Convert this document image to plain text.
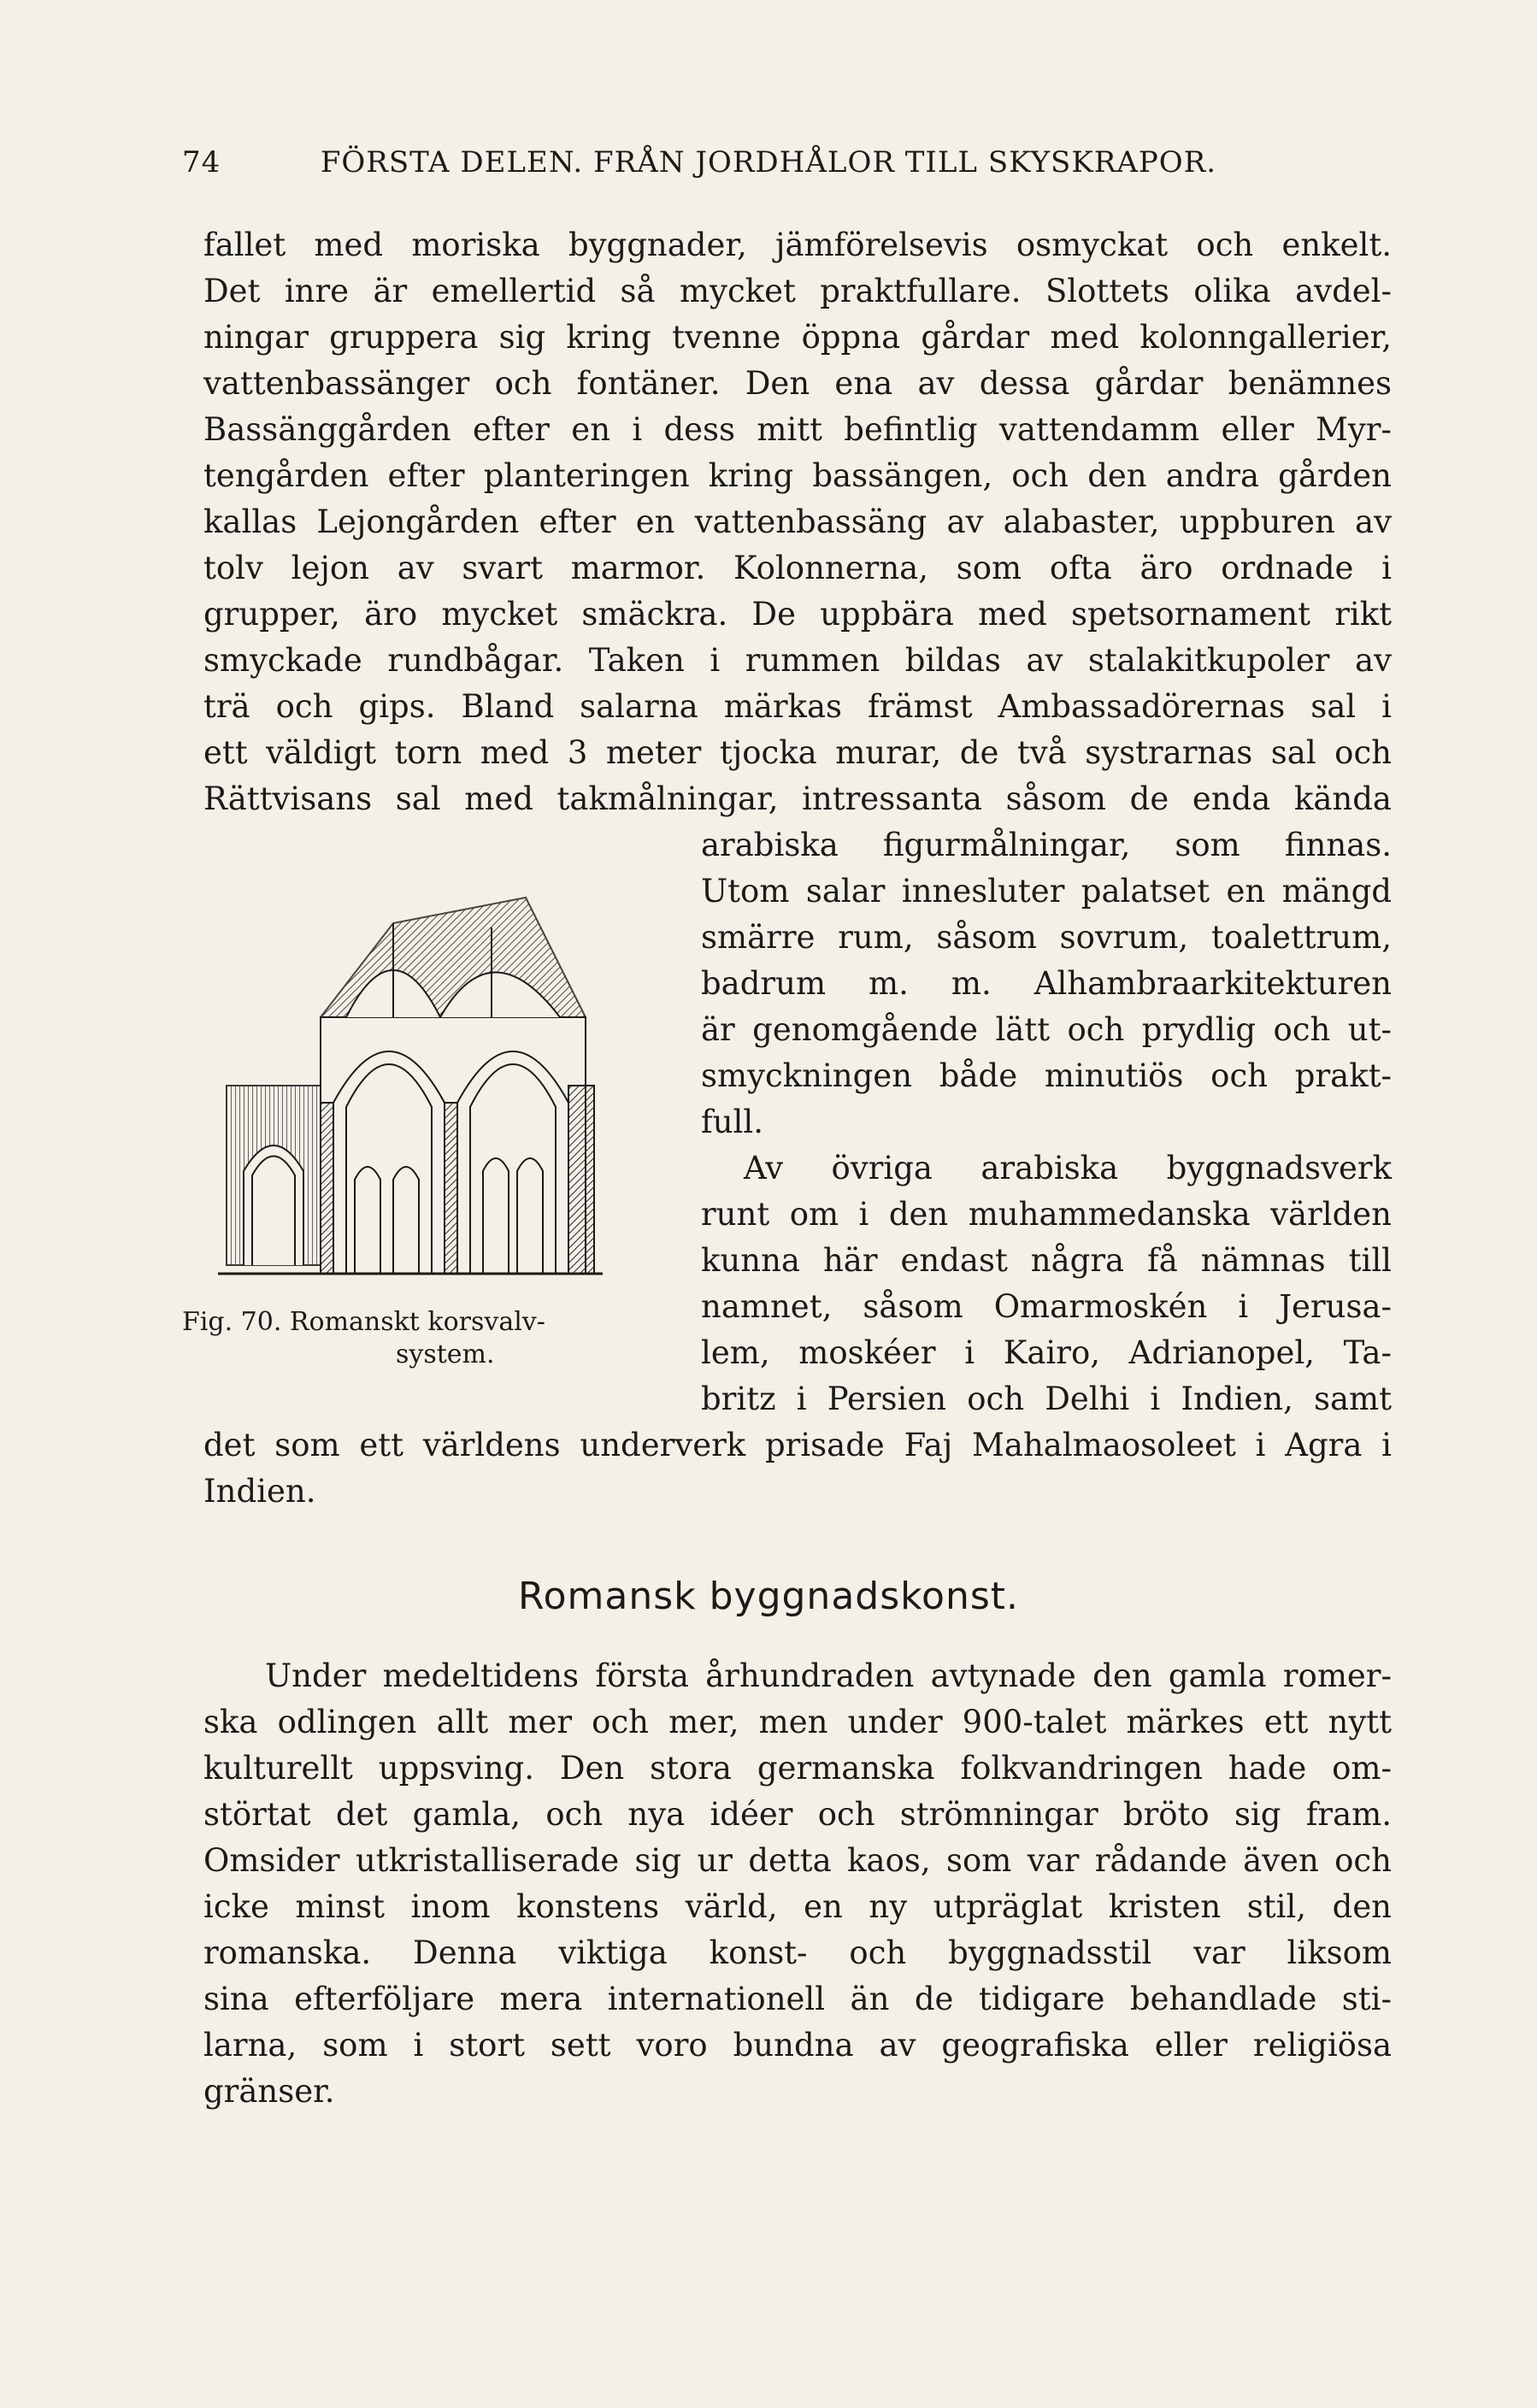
74	FÖRSTA DELEN. FRÅN JORDHÅLOR TILL SKYSKRAPOR.
fallet med moriska byggnader, jämförelsevis osmyckat och enkelt.
Det inre är emellertid så mycket praktfullare. Slottets olika avdel-
ningar gruppera sig kring tvenne öppna gårdar med kolonngallerier,
vattenbassänger och fontäner. Den ena av dessa gårdar benämnes
Bassänggården efter en i dess mitt befintlig vattendamm eller Myr-
tengården efter planteringen kring bassängen, och den andra gården
kallas Lejongården efter en vattenbassäng av alabaster, uppburen av
tolv lejon av svart marmor. Kolonnerna, som ofta äro ordnade i
grupper, äro mycket smäckra. De uppbära med spetsornament rikt
smyckade rundbågar. Taken i rummen bildas av stalakitkupoler av
trä och gips. Bland salarna märkas främst Ambassadörernas sal i
ett väldigt torn med 3 meter tjocka murar, de två systrarnas sal och
Rättvisans sal med takmålningar, intressanta såsom de enda kända
arabiska figurmålningar, som finnas.
Utom salar innesluter palatset en mängd
smärre rum, såsom sovrum, toalettrum,
badrum m. m. Alhambraarkitekturen
är genomgående lätt och prydlig och ut-
smyckningen både minutiös och prakt-
full.
Av övriga arabiska byggnadsverk
runt om i den muhammedanska världen
kunna här endast några få nämnas till
namnet, såsom Omarmoskén i Jerusa-
lem, moskéer i Kairo, Adrianopel, Ta-
britz i Persien och Delhi i Indien, samt
det som ett världens underverk prisade Faj Mahalmaosoleet i Agra i
Indien.
Fig. 70. Romanskt korsvalv-
system.
Romansk byggnadskonst.
Under medeltidens första århundraden avtynade den gamla romer-
ska odlingen allt mer och mer, men under 900-talet märkes ett nytt
kulturellt uppsving. Den stora germanska folkvandringen hade om-
störtat det gamla, och nya idéer och strömningar bröto sig fram.
Omsider utkristalliserade sig ur detta kaos, som var rådande även och
icke minst inom konstens värld, en ny utpräglat kristen stil, den
romanska. Denna viktiga konst- och byggnadsstil var liksom
sina efterföljare mera internationell än de tidigare behandlade sti-
larna, som i stort sett voro bundna av geografiska eller religiösa
gränser.
